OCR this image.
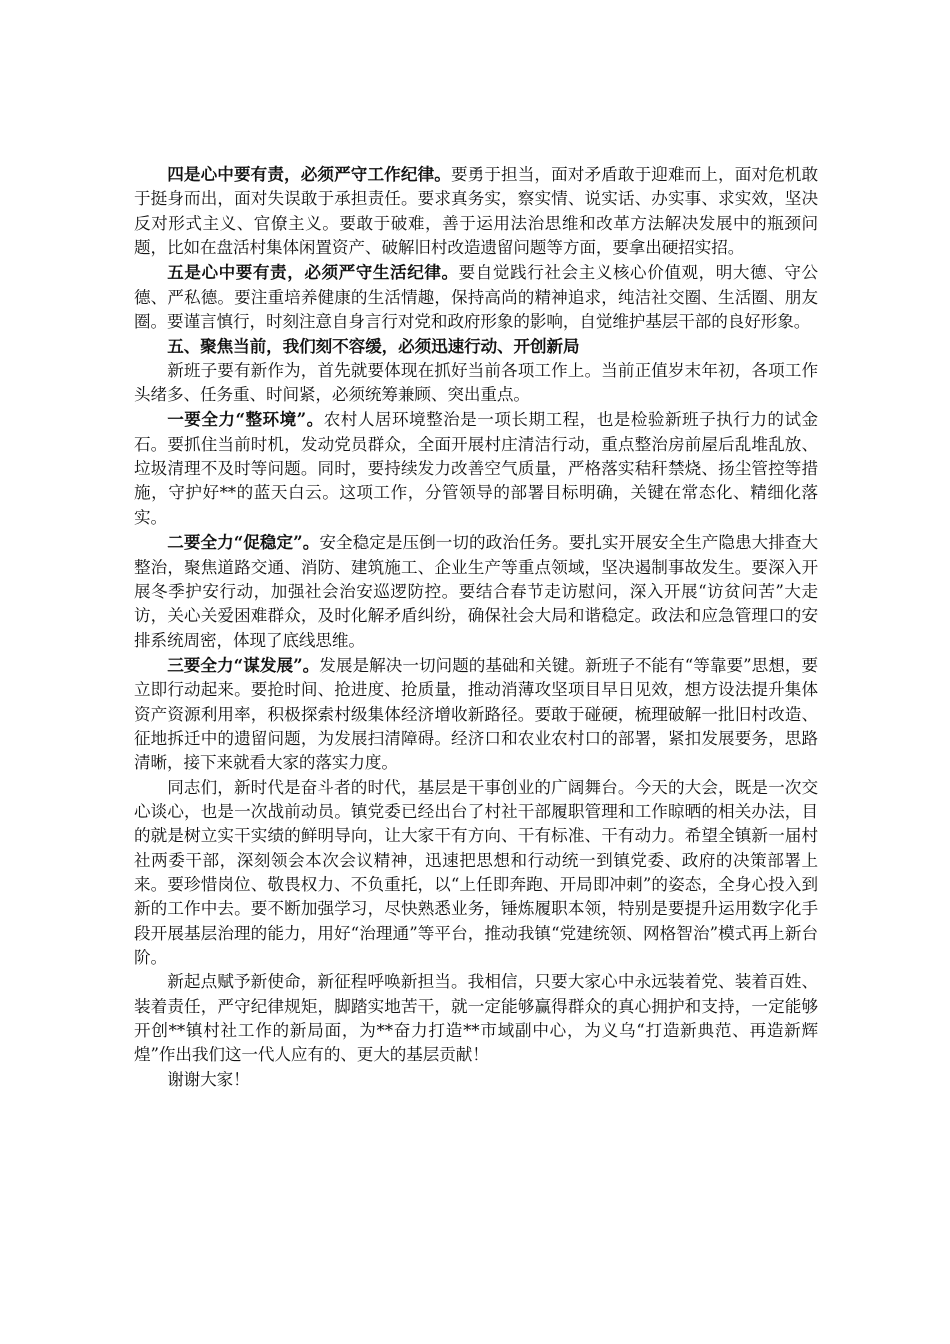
四是心中要有责，必须严守工作纪律。要勇于担当，面对矛盾敢于迎难而上，面对危机敢于挺身而出，面对失误敢于承担责任。要求真务实，察实情、说实话、办实事、求实效，坚决反对形式主义、官僚主义。要敢于破难，善于运用法治思维和改革方法解决发展中的瓶颈问题，比如在盘活村集体闲置资产、破解旧村改造遗留问题等方面，要拿出硬招实招。

五是心中要有责，必须严守生活纪律。要自觉践行社会主义核心价值观，明大德、守公德、严私德。要注重培养健康的生活情趣，保持高尚的精神追求，纯洁社交圈、生活圈、朋友圈。要谨言慎行，时刻注意自身言行对党和政府形象的影响，自觉维护基层干部的良好形象。

五、聚焦当前，我们刻不容缓，必须迅速行动、开创新局

新班子要有新作为，首先就要体现在抓好当前各项工作上。当前正值岁末年初，各项工作头绪多、任务重、时间紧，必须统筹兼顾、突出重点。

一要全力“整环境”。农村人居环境整治是一项长期工程，也是检验新班子执行力的试金石。要抓住当前时机，发动党员群众，全面开展村庄清洁行动，重点整治房前屋后乱堆乱放、垃圾清理不及时等问题。同时，要持续发力改善空气质量，严格落实秸秆禁烧、扬尘管控等措施，守护好**的蓝天白云。这项工作，分管领导的部署目标明确，关键在常态化、精细化落实。

二要全力“促稳定”。安全稳定是压倒一切的政治任务。要扎实开展安全生产隐患大排查大整治，聚焦道路交通、消防、建筑施工、企业生产等重点领域，坚决遏制事故发生。要深入开展冬季护安行动，加强社会治安巡逻防控。要结合春节走访慰问，深入开展“访贫问苦”大走访，关心关爱困难群众，及时化解矛盾纠纷，确保社会大局和谐稳定。政法和应急管理口的安排系统周密，体现了底线思维。

三要全力“谋发展”。发展是解决一切问题的基础和关键。新班子不能有“等靠要”思想，要立即行动起来。要抢时间、抢进度、抢质量，推动消薄攻坚项目早日见效，想方设法提升集体资产资源利用率，积极探索村级集体经济增收新路径。要敢于碰硬，梳理破解一批旧村改造、征地拆迁中的遗留问题，为发展扫清障碍。经济口和农业农村口的部署，紧扣发展要务，思路清晰，接下来就看大家的落实力度。

同志们，新时代是奋斗者的时代，基层是干事创业的广阔舞台。今天的大会，既是一次交心谈心，也是一次战前动员。镇党委已经出台了村社干部履职管理和工作晾晒的相关办法，目的就是树立实干实绩的鲜明导向，让大家干有方向、干有标准、干有动力。希望全镇新一届村社两委干部，深刻领会本次会议精神，迅速把思想和行动统一到镇党委、政府的决策部署上来。要珍惜岗位、敬畏权力、不负重托，以“上任即奔跑、开局即冲刺”的姿态，全身心投入到新的工作中去。要不断加强学习，尽快熟悉业务，锤炼履职本领，特别是要提升运用数字化手段开展基层治理的能力，用好“治理通”等平台，推动我镇“党建统领、网格智治”模式再上新台阶。

新起点赋予新使命，新征程呼唤新担当。我相信，只要大家心中永远装着党、装着百姓、装着责任，严守纪律规矩，脚踏实地苦干，就一定能够赢得群众的真心拥护和支持，一定能够开创**镇村社工作的新局面，为**奋力打造**市域副中心，为义乌“打造新典范、再造新辉煌”作出我们这一代人应有的、更大的基层贡献！

谢谢大家！
